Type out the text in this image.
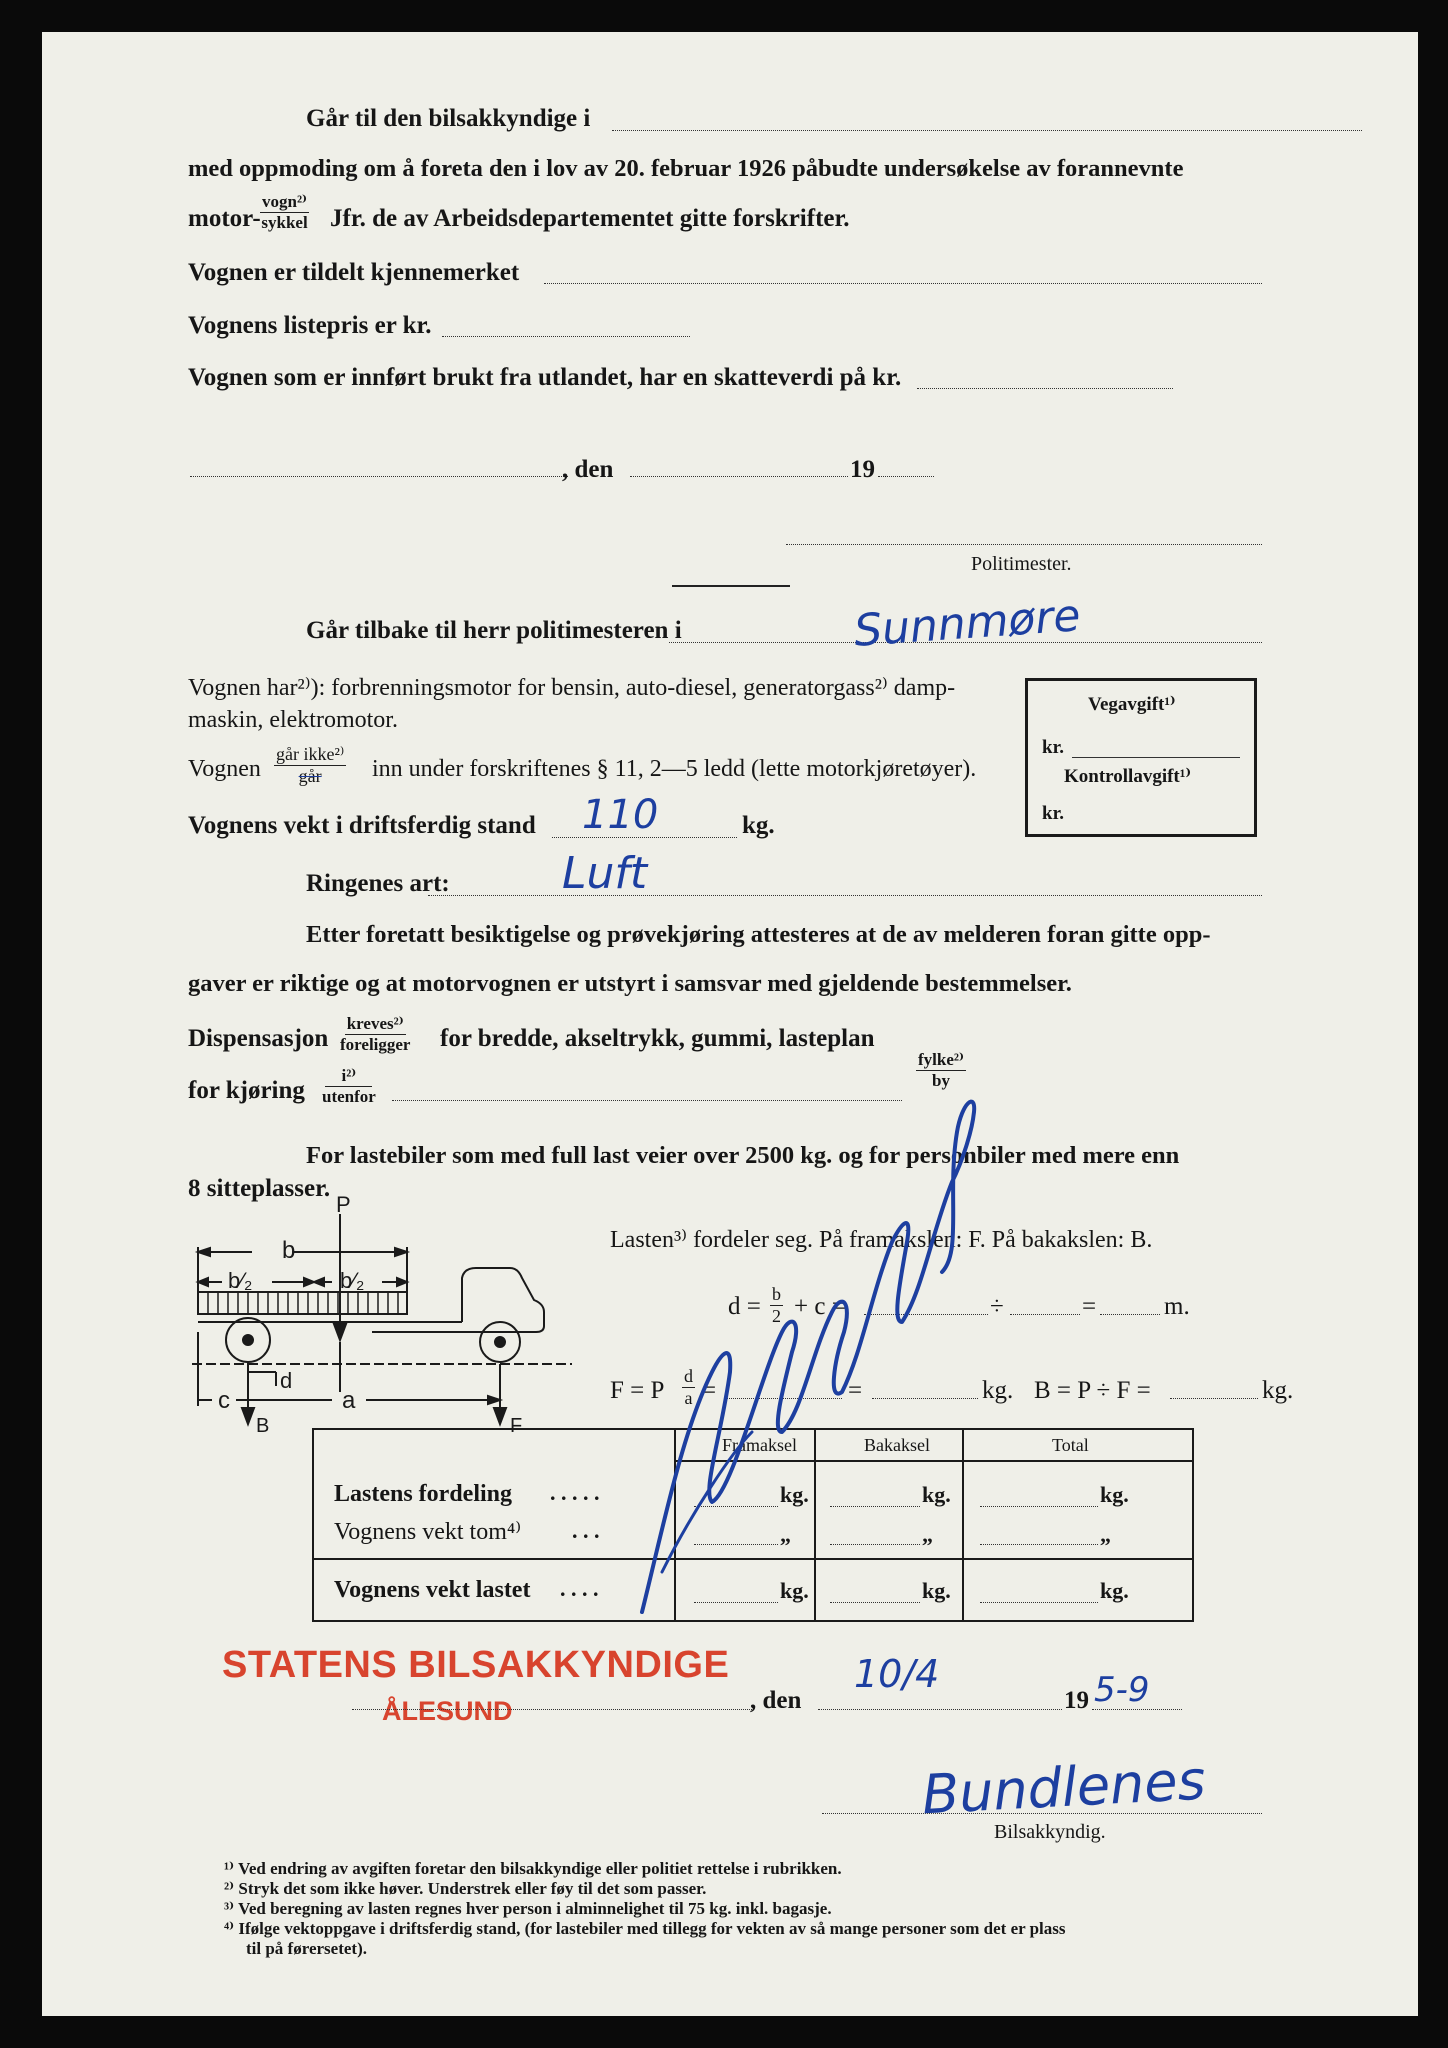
Går til den bilsakkyndige i
med oppmoding om å foreta den i lov av 20. februar 1926 påbudte undersøkelse av forannevnte
motor-
vogn²⁾
sykkel Jfr. de av Arbeidsdepartementet gitte forskrifter.
Vognen er tildelt kjennemerket
Vognens listepris er kr.
Vognen som er innført brukt fra utlandet, har en skatteverdi på kr.
, den	19
Politimester.
Går tilbake til herr politimesteren i	Sunnmøre
Vognen har²⁾): forbrenningsmotor for bensin, auto-diesel, generatorgass²⁾ damp-
maskin, elektromotor.
Vegavgift¹⁾
kr.
Kontrollavgift¹⁾
kr.
Vognen
går ikke²⁾
går inn under forskriftenes § 11, 2—5 ledd (lette motorkjøretøyer).
Vognens vekt i driftsferdig stand 110	kg.
Ringenes art:	Luft
Etter foretatt besiktigelse og prøvekjøring attesteres at de av melderen foran gitte opp-
gaver er riktige og at motorvognen er utstyrt i samsvar med gjeldende bestemmelser.
Dispensasjon
kreves²⁾
foreligger for bredde, akseltrykk, gummi, lasteplan
for kjøring
i²⁾
utenfor
fylke²⁾
by
For lastebiler som med full last veier over 2500 kg. og for personbiler med mere enn
8 sitteplasser.
Lasten³⁾ fordeler seg. På framakslen: F. På bakakslen: B.
$d = \frac{b}{2} + c$ =	÷	=	m.
F = P $\frac{d}{a}$ =	=	kg. B = P ÷ F =	kg.
b
P
b⁄₂	b⁄₂
d
c	a
B	F
Framaksel	Bakaksel	Total
Lastens fordeling . . . . .	kg.	kg.	kg.
Vognens vekt tom⁴⁾ . . .	„	„	„
Vognens vekt lastet . . . .	kg.	kg.	kg.
STATENS BILSAKKYNDIGE
ÅLESUND	, den
10/4
19 5-9
Bundlenes
Bilsakkyndig.
¹⁾ Ved endring av avgiften foretar den bilsakkyndige eller politiet rettelse i rubrikken.
²⁾ Stryk det som ikke høver. Understrek eller føy til det som passer.
³⁾ Ved beregning av lasten regnes hver person i alminnelighet til 75 kg. inkl. bagasje.
⁴⁾ Ifølge vektoppgave i driftsferdig stand, (for lastebiler med tillegg for vekten av så mange personer som det er plass
til på førersetet).
